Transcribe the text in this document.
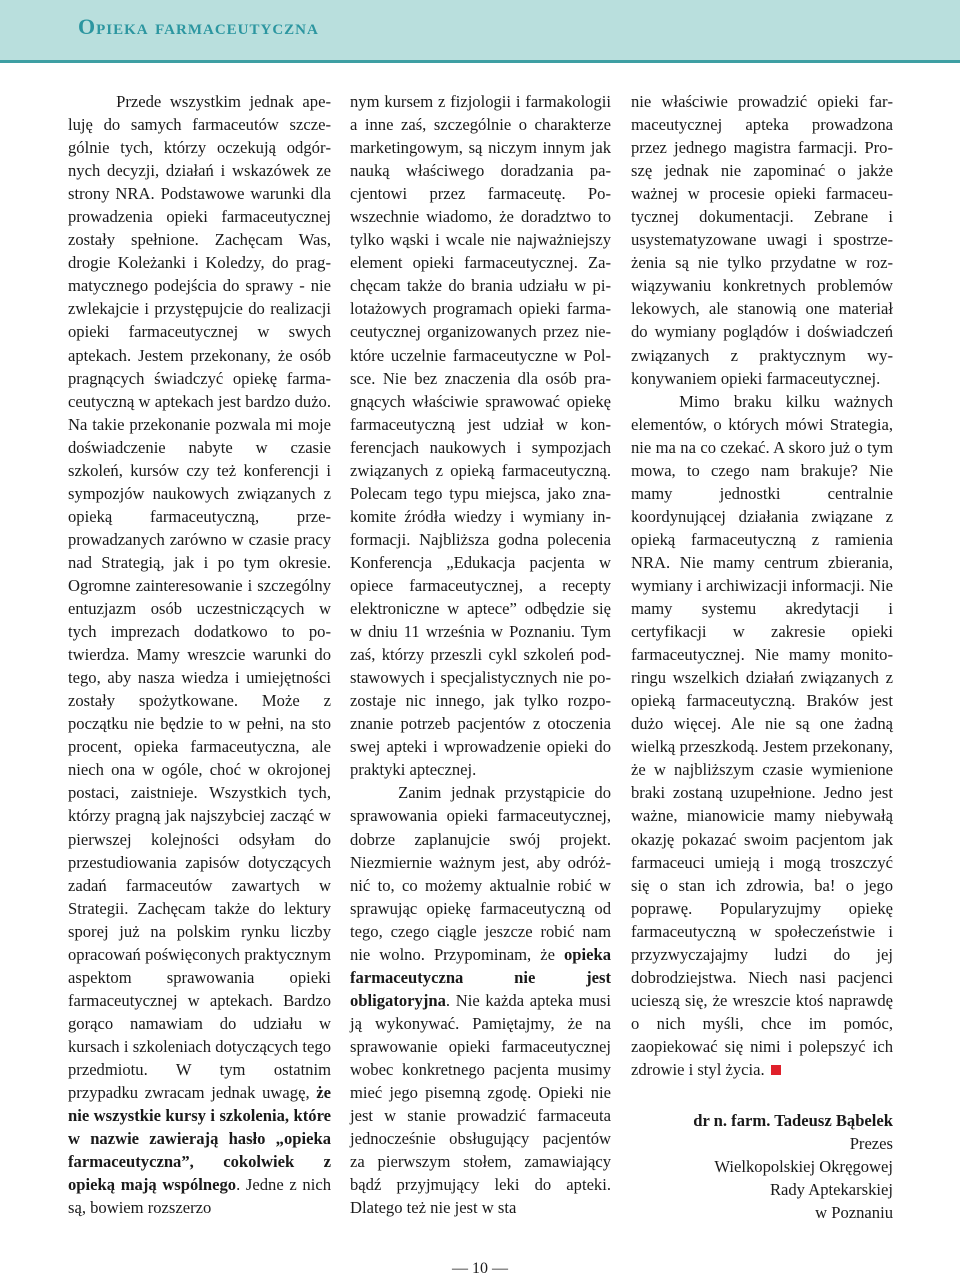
Opieka farmaceutyczna

Przede wszystkim jednak apeluję do samych farmaceutów szczególnie tych, którzy oczekują odgórnych decyzji, działań i wskazówek ze strony NRA. Podstawowe warunki dla prowadzenia opieki farmaceutycznej zostały spełnione. Zachęcam Was, drogie Koleżanki i Koledzy, do pragmatycznego podejścia do sprawy - nie zwlekajcie i przystępujcie do realizacji opieki farmaceutycznej w swych aptekach. Jestem przekonany, że osób pragnących świadczyć opiekę farmaceutyczną w aptekach jest bardzo dużo. Na takie przekonanie pozwala mi moje doświadczenie nabyte w czasie szkoleń, kursów czy też konferencji i sympozjów naukowych związanych z opieką farmaceutyczną, przeprowadzanych zarówno w czasie pracy nad Strategią, jak i po tym okresie. Ogromne zainteresowanie i szczególny entuzjazm osób uczestniczących w tych imprezach dodatkowo to potwierdza. Mamy wreszcie warunki do tego, aby nasza wiedza i umiejętności zostały spożytkowane. Może z początku nie będzie to w pełni, na sto procent, opieka farmaceutyczna, ale niech ona w ogóle, choć w okrojonej postaci, zaistnieje. Wszystkich tych, którzy pragną jak najszybciej zacząć w pierwszej kolejności odsyłam do przestudiowania zapisów dotyczących zadań farmaceutów zawartych w Strategii. Zachęcam także do lektury sporej już na polskim rynku liczby opracowań poświęconych praktycznym aspektom sprawowania opieki farmaceutycznej w aptekach. Bardzo gorąco namawiam do udziału w kursach i szkoleniach dotyczących tego przedmiotu. W tym ostatnim przypadku zwracam jednak uwagę, że nie wszystkie kursy i szkolenia, które w nazwie zawierają hasło „opieka farmaceutyczna”, cokolwiek z opieką mają wspólnego. Jedne z nich są, bowiem rozszerzo

nym kursem z fizjologii i farmakologii a inne zaś, szczególnie o charakterze marketingowym, są niczym innym jak nauką właściwego doradzania pacjentowi przez farmaceutę. Powszechnie wiadomo, że doradztwo to tylko wąski i wcale nie najważniejszy element opieki farmaceutycznej. Zachęcam także do brania udziału w pilotażowych programach opieki farmaceutycznej organizowanych przez niektóre uczelnie farmaceutyczne w Polsce. Nie bez znaczenia dla osób pragnących właściwie sprawować opiekę farmaceutyczną jest udział w konferencjach naukowych i sympozjach związanych z opieką farmaceutyczną. Polecam tego typu miejsca, jako znakomite źródła wiedzy i wymiany informacji. Najbliższa godna polecenia Konferencja „Edukacja pacjenta w opiece farmaceutycznej, a recepty elektroniczne w aptece” odbędzie się w dniu 11 września w Poznaniu. Tym zaś, którzy przeszli cykl szkoleń podstawowych i specjalistycznych nie pozostaje nic innego, jak tylko rozpoznanie potrzeb pacjentów z otoczenia swej apteki i wprowadzenie opieki do praktyki aptecznej.

Zanim jednak przystąpicie do sprawowania opieki farmaceutycznej, dobrze zaplanujcie swój projekt. Niezmiernie ważnym jest, aby odróżnić to, co możemy aktualnie robić w sprawując opiekę farmaceutyczną od tego, czego ciągle jeszcze robić nam nie wolno. Przypominam, że opieka farmaceutyczna nie jest obligatoryjna. Nie każda apteka musi ją wykonywać. Pamiętajmy, że na sprawowanie opieki farmaceutycznej wobec konkretnego pacjenta musimy mieć jego pisemną zgodę. Opieki nie jest w stanie prowadzić farmaceuta jednocześnie obsługujący pacjentów za pierwszym stołem, zamawiający bądź przyjmujący leki do apteki. Dlatego też nie jest w sta

nie właściwie prowadzić opieki farmaceutycznej apteka prowadzona przez jednego magistra farmacji. Proszę jednak nie zapominać o jakże ważnej w procesie opieki farmaceutycznej dokumentacji. Zebrane i usystematyzowane uwagi i spostrzeżenia są nie tylko przydatne w rozwiązywaniu konkretnych problemów lekowych, ale stanowią one materiał do wymiany poglądów i doświadczeń związanych z praktycznym wykonywaniem opieki farmaceutycznej.

Mimo braku kilku ważnych elementów, o których mówi Strategia, nie ma na co czekać. A skoro już o tym mowa, to czego nam brakuje? Nie mamy jednostki centralnie koordynującej działania związane z opieką farmaceutyczną z ramienia NRA. Nie mamy centrum zbierania, wymiany i archiwizacji informacji. Nie mamy systemu akredytаcji i certyfikacji w zakresie opieki farmaceutycznej. Nie mamy monitoringu wszelkich działań związanych z opieką farmaceutyczną. Braków jest dużo więcej. Ale nie są one żadną wielką przeszkodą. Jestem przekonany, że w najbliższym czasie wymienione braki zostaną uzupełnione. Jedno jest ważne, mianowicie mamy niebywałą okazję pokazać swoim pacjentom jak farmaceuci umieją i mogą troszczyć się o stan ich zdrowia, ba! o jego poprawę. Popularyzujmy opiekę farmaceutyczną w społeczeństwie i przyzwyczajajmy ludzi do jej dobrodziejstwa. Niech nasi pacjenci ucieszą się, że wreszcie ktoś naprawdę o nich myśli, chce im pomóc, zaopiekować się nimi i polepszyć ich zdrowie i styl życia.

dr n. farm. Tadeusz Bąbelek
Prezes
Wielkopolskiej Okręgowej
Rady Aptekarskiej
w Poznaniu
— 10 —
